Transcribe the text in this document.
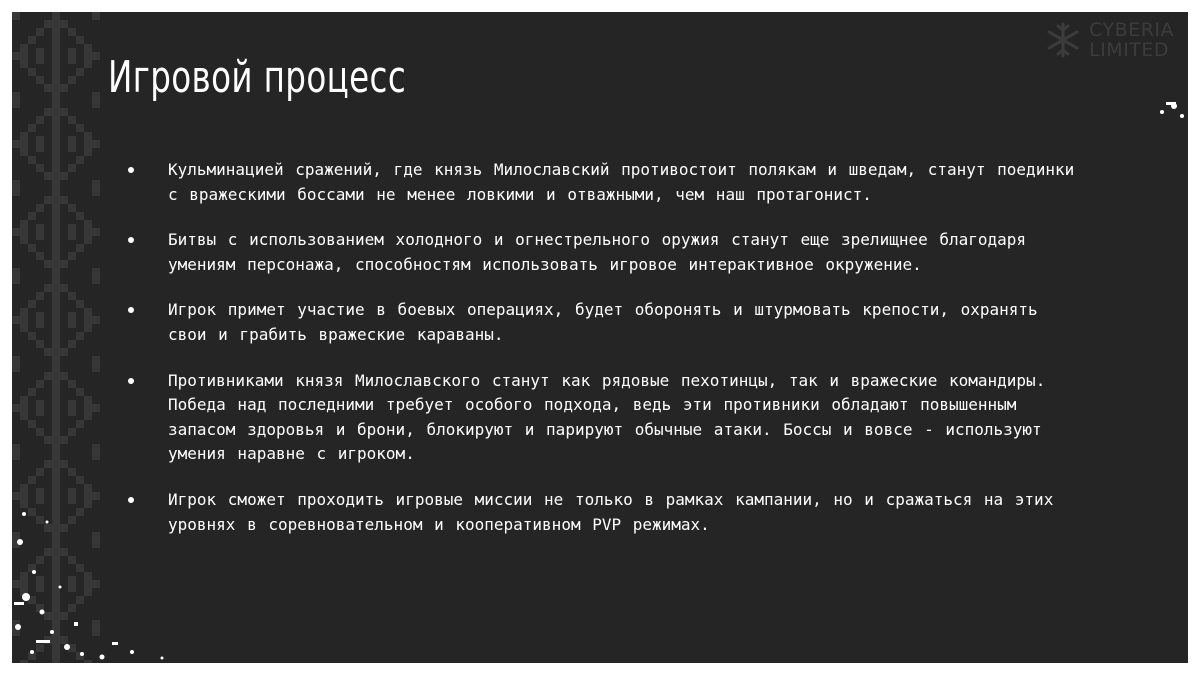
CYBERIA
LIMITED
Игровой процесс
Кульминацией сражений, где князь Милославский противостоит полякам и шведам, станут поединки с вражескими боссами не менее ловкими и отважными, чем наш протагонист.
Битвы с использованием холодного и огнестрельного оружия станут еще зрелищнее благодаря умениям персонажа, способностям использовать игровое интерактивное окружение.
Игрок примет участие в боевых операциях, будет оборонять и штурмовать крепости, охранять свои и грабить вражеские караваны.
Противниками князя Милославского станут как рядовые пехотинцы, так и вражеские командиры. Победа над последними требует особого подхода, ведь эти противники обладают повышенным запасом здоровья и брони, блокируют и парируют обычные атаки. Боссы и вовсе - используют умения наравне с игроком.
Игрок сможет проходить игровые миссии не только в рамках кампании, но и сражаться на этих уровнях в соревновательном и кооперативном PVP режимах.
